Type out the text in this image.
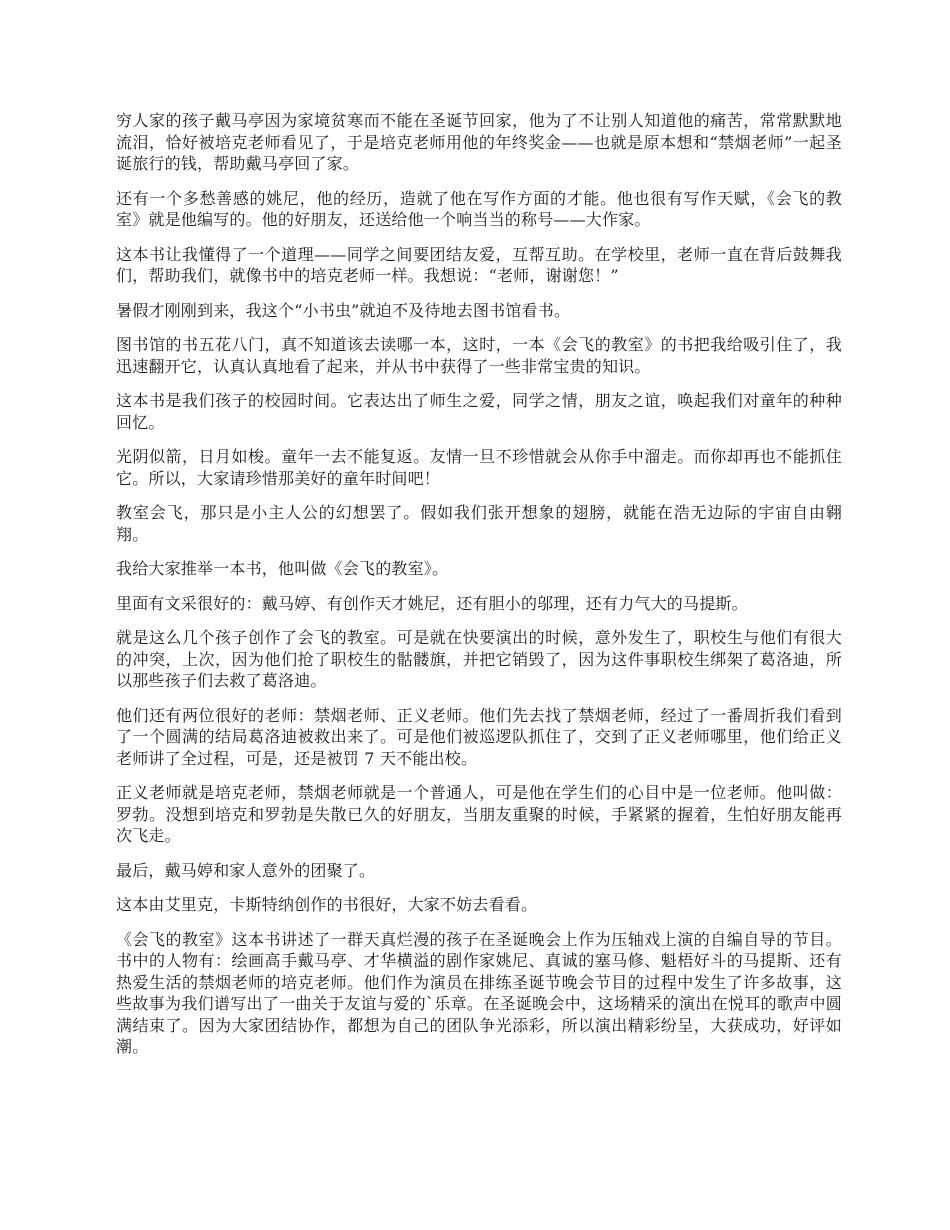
穷人家的孩子戴马亭因为家境贫寒而不能在圣诞节回家，他为了不让别人知道他的痛苦，常常默默地流泪，恰好被培克老师看见了，于是培克老师用他的年终奖金——也就是原本想和“禁烟老师”一起圣诞旅行的钱，帮助戴马亭回了家。

还有一个多愁善感的姚尼，他的经历，造就了他在写作方面的才能。他也很有写作天赋，《会飞的教室》就是他编写的。他的好朋友，还送给他一个响当当的称号——大作家。

这本书让我懂得了一个道理——同学之间要团结友爱，互帮互助。在学校里，老师一直在背后鼓舞我们，帮助我们，就像书中的培克老师一样。我想说：“老师，谢谢您！”

暑假才刚刚到来，我这个“小书虫”就迫不及待地去图书馆看书。

图书馆的书五花八门，真不知道该去读哪一本，这时，一本《会飞的教室》的书把我给吸引住了，我迅速翻开它，认真认真地看了起来，并从书中获得了一些非常宝贵的知识。

这本书是我们孩子的校园时间。它表达出了师生之爱，同学之情，朋友之谊，唤起我们对童年的种种回忆。

光阴似箭，日月如梭。童年一去不能复返。友情一旦不珍惜就会从你手中溜走。而你却再也不能抓住它。所以，大家请珍惜那美好的童年时间吧！

教室会飞，那只是小主人公的幻想罢了。假如我们张开想象的翅膀，就能在浩无边际的宇宙自由翱翔。

我给大家推举一本书，他叫做《会飞的教室》。

里面有文采很好的：戴马婷、有创作天才姚尼，还有胆小的邬理，还有力气大的马提斯。

就是这么几个孩子创作了会飞的教室。可是就在快要演出的时候，意外发生了，职校生与他们有很大的冲突，上次，因为他们抢了职校生的骷髅旗，并把它销毁了，因为这件事职校生绑架了葛洛迪，所以那些孩子们去救了葛洛迪。

他们还有两位很好的老师：禁烟老师、正义老师。他们先去找了禁烟老师，经过了一番周折我们看到了一个圆满的结局葛洛迪被救出来了。可是他们被巡逻队抓住了，交到了正义老师哪里，他们给正义老师讲了全过程，可是，还是被罚 7 天不能出校。

正义老师就是培克老师，禁烟老师就是一个普通人，可是他在学生们的心目中是一位老师。他叫做：罗勃。没想到培克和罗勃是失散已久的好朋友，当朋友重聚的时候，手紧紧的握着，生怕好朋友能再次飞走。

最后，戴马婷和家人意外的团聚了。

这本由艾里克，卡斯特纳创作的书很好，大家不妨去看看。

《会飞的教室》这本书讲述了一群天真烂漫的孩子在圣诞晚会上作为压轴戏上演的自编自导的节目。书中的人物有：绘画高手戴马亭、才华横溢的剧作家姚尼、真诚的塞马修、魁梧好斗的马提斯、还有热爱生活的禁烟老师的培克老师。他们作为演员在排练圣诞节晚会节目的过程中发生了许多故事，这些故事为我们谱写出了一曲关于友谊与爱的`乐章。在圣诞晚会中，这场精采的演出在悦耳的歌声中圆满结束了。因为大家团结协作，都想为自己的团队争光添彩，所以演出精彩纷呈，大获成功，好评如潮。
